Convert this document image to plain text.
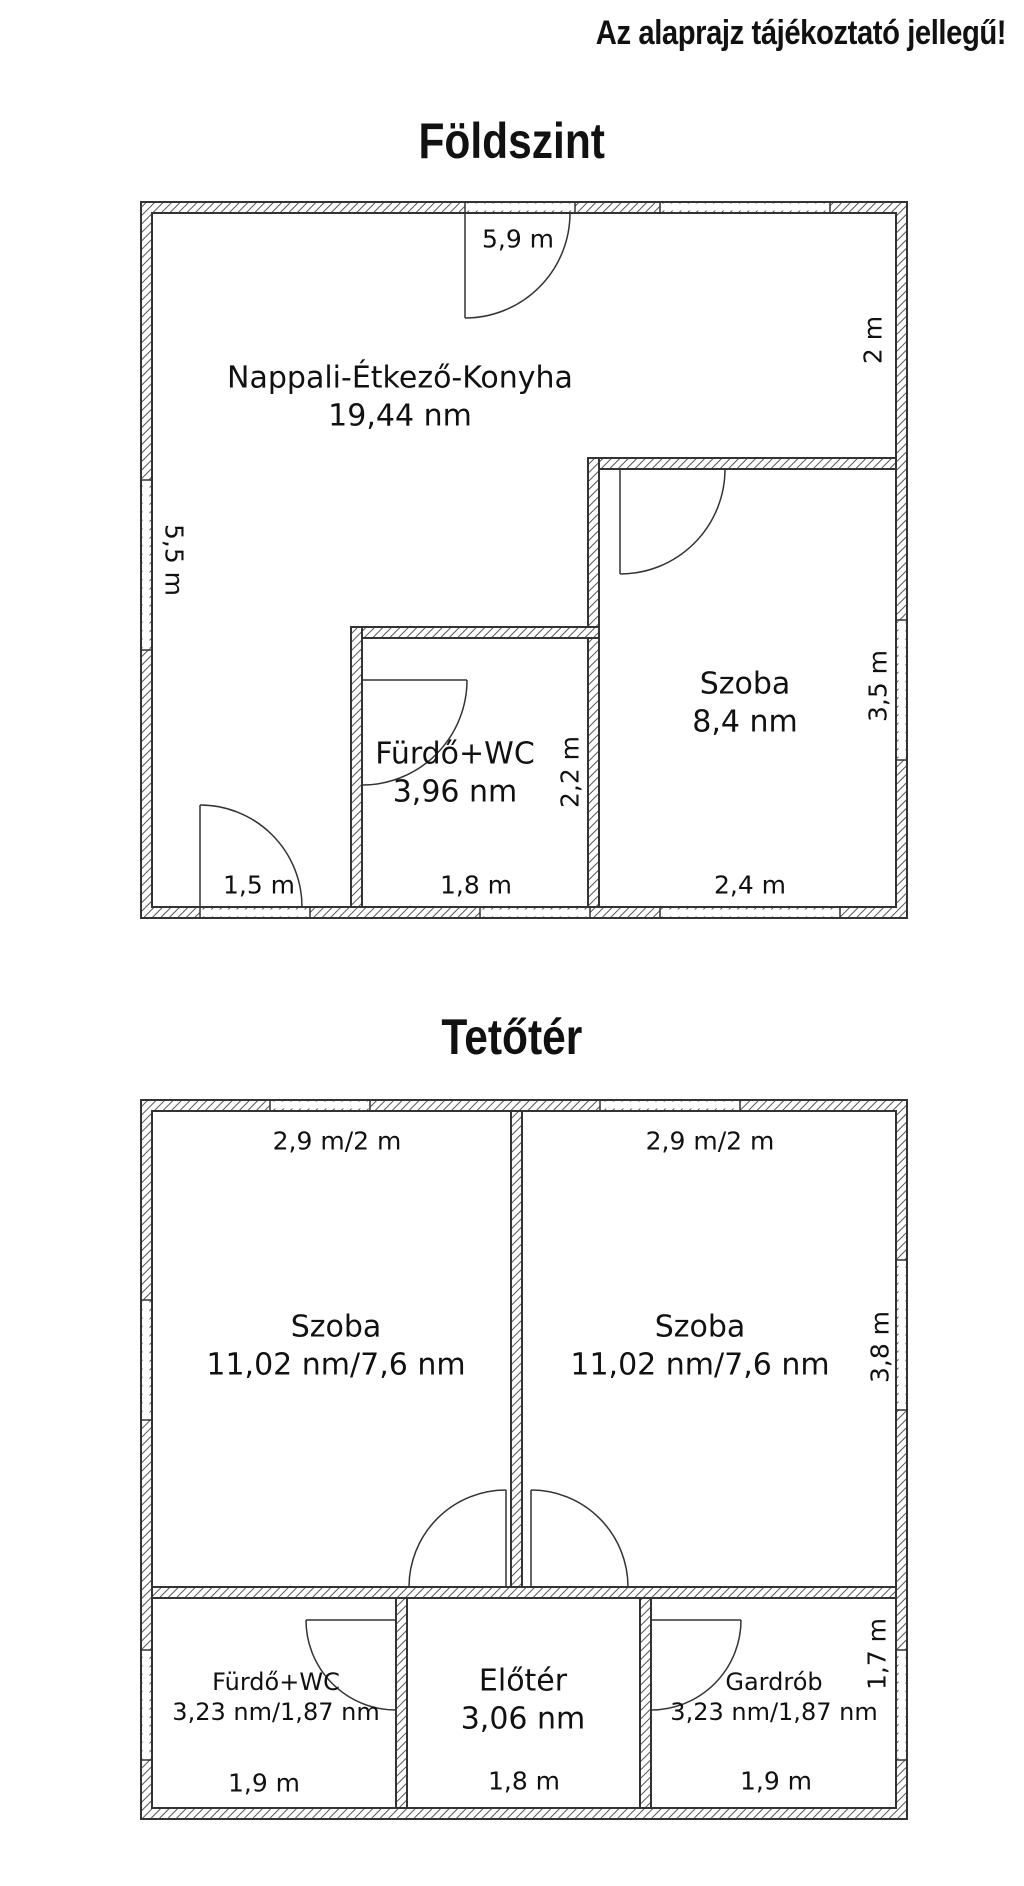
Az alaprajz tájékoztató jellegű!
Földszint
Tetőtér
Nappali-Étkező-Konyha
19,44 nm
Szoba
8,4 nm
Fürdő+WC
3,96 nm
5,9 m
2 m
5,5 m
1,5 m	1,8 m
2,2 m
2,4 m
3,5 m
Szoba
11,02 nm/7,6 nm
Szoba
11,02 nm/7,6 nm
Fürdő+WC
3,23 nm/1,87 nm
Előtér
3,06 nm
Gardrób
3,23 nm/1,87 nm
2,9 m/2 m	2,9 m/2 m
3,8 m
1,9 m	1,8 m	1,9 m
1,7 m
